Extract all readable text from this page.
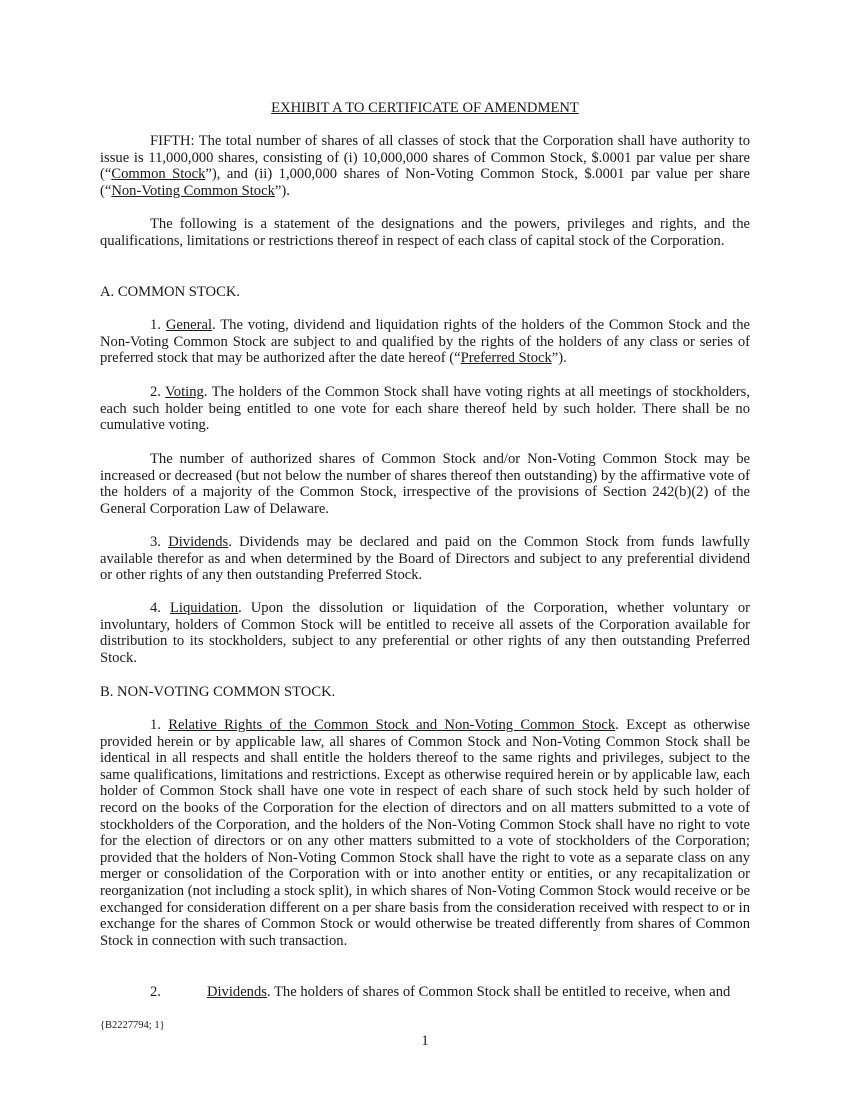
EXHIBIT A TO CERTIFICATE OF AMENDMENT

FIFTH: The total number of shares of all classes of stock that the Corporation shall have authority to issue is 11,000,000 shares, consisting of (i) 10,000,000 shares of Common Stock, $.0001 par value per share (“Common Stock”), and (ii) 1,000,000 shares of Non-Voting Common Stock, $.0001 par value per share (“Non-Voting Common Stock”).

The following is a statement of the designations and the powers, privileges and rights, and the qualifications, limitations or restrictions thereof in respect of each class of capital stock of the Corporation.

A. COMMON STOCK.

1. General. The voting, dividend and liquidation rights of the holders of the Common Stock and the Non-Voting Common Stock are subject to and qualified by the rights of the holders of any class or series of preferred stock that may be authorized after the date hereof (“Preferred Stock”).

2. Voting. The holders of the Common Stock shall have voting rights at all meetings of stockholders, each such holder being entitled to one vote for each share thereof held by such holder. There shall be no cumulative voting.

The number of authorized shares of Common Stock and/or Non-Voting Common Stock may be increased or decreased (but not below the number of shares thereof then outstanding) by the affirmative vote of the holders of a majority of the Common Stock, irrespective of the provisions of Section 242(b)(2) of the General Corporation Law of Delaware.

3. Dividends. Dividends may be declared and paid on the Common Stock from funds lawfully available therefor as and when determined by the Board of Directors and subject to any preferential dividend or other rights of any then outstanding Preferred Stock.

4. Liquidation. Upon the dissolution or liquidation of the Corporation, whether voluntary or involuntary, holders of Common Stock will be entitled to receive all assets of the Corporation available for distribution to its stockholders, subject to any preferential or other rights of any then outstanding Preferred Stock.

B. NON-VOTING COMMON STOCK.

1. Relative Rights of the Common Stock and Non-Voting Common Stock. Except as otherwise provided herein or by applicable law, all shares of Common Stock and Non-Voting Common Stock shall be identical in all respects and shall entitle the holders thereof to the same rights and privileges, subject to the same qualifications, limitations and restrictions. Except as otherwise required herein or by applicable law, each holder of Common Stock shall have one vote in respect of each share of such stock held by such holder of record on the books of the Corporation for the election of directors and on all matters submitted to a vote of stockholders of the Corporation, and the holders of the Non-Voting Common Stock shall have no right to vote for the election of directors or on any other matters submitted to a vote of stockholders of the Corporation; provided that the holders of Non-Voting Common Stock shall have the right to vote as a separate class on any merger or consolidation of the Corporation with or into another entity or entities, or any recapitalization or reorganization (not including a stock split), in which shares of Non-Voting Common Stock would receive or be exchanged for consideration different on a per share basis from the consideration received with respect to or in exchange for the shares of Common Stock or would otherwise be treated differently from shares of Common Stock in connection with such transaction.

2.	Dividends. The holders of shares of Common Stock shall be entitled to receive, when and

{B2227794; 1}
1
